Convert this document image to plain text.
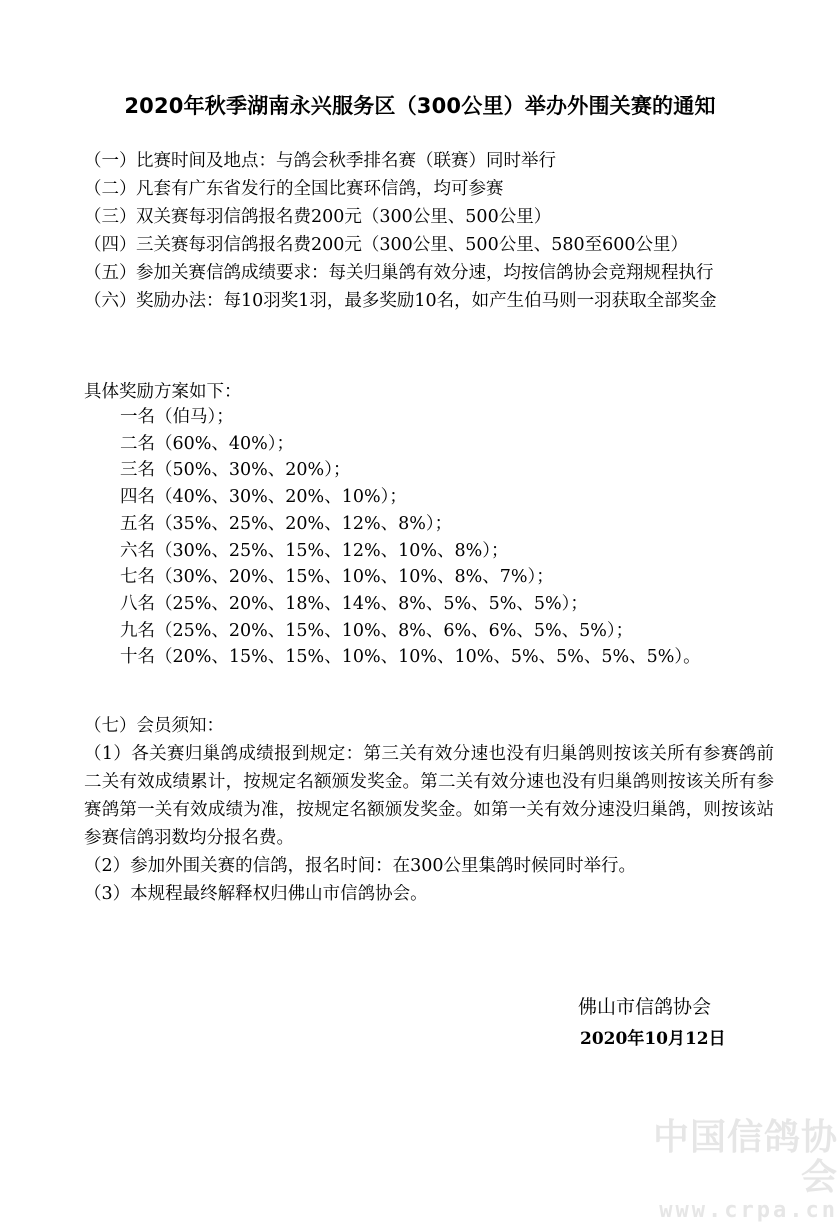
2020年秋季湖南永兴服务区（300公里）举办外围关赛的通知
（一） 比赛时间及地点：与鸽会秋季排名赛（联赛）同时举行
（二） 凡套有广东省发行的全国比赛环信鸽，均可参赛
（三） 双关赛每羽信鸽报名费200元（300公里、500公里）
（四） 三关赛每羽信鸽报名费200元（300公里、500公里、580至600公里）
（五） 参加关赛信鸽成绩要求：每关归巢鸽有效分速，均按信鸽协会竞翔规程执行
（六） 奖励办法：每10羽奖1羽，最多奖励10名，如产生伯马则一羽获取全部奖金
具体奖励方案如下：
一名（伯马）；
二名（60%、40%）；
三名（50%、30%、20%）；
四名（40%、30%、20%、10%）；
五名（35%、25%、20%、12%、8%）；
六名（30%、25%、15%、12%、10%、8%）；
七名（30%、20%、15%、10%、10%、8%、7%）；
八名（25%、20%、18%、14%、8%、5%、5%、5%）；
九名（25%、20%、15%、10%、8%、6%、6%、5%、5%）；
十名（20%、15%、15%、10%、10%、10%、5%、5%、5%、5%）。
（七）会员须知：
（1）各关赛归巢鸽成绩报到规定：第三关有效分速也没有归巢鸽则按该关所有参赛鸽前二关有效成绩累计，按规定名额颁发奖金。第二关有效分速也没有归巢鸽则按该关所有参赛鸽第一关有效成绩为准，按规定名额颁发奖金。如第一关有效分速没归巢鸽，则按该站参赛信鸽羽数均分报名费。
（2）参加外围关赛的信鸽，报名时间：在300公里集鸽时候同时举行。
（3）本规程最终解释权归佛山市信鸽协会。
佛山市信鸽协会
2020年10月12日
中国信鸽协会
www.crpa.cn
